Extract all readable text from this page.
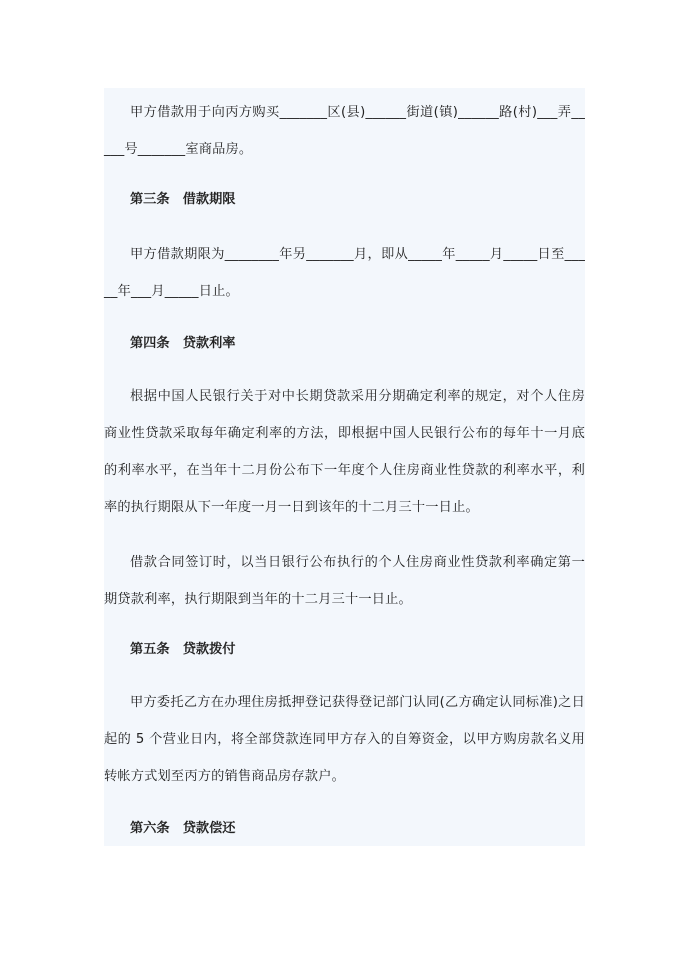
甲方借款用于向丙方购买_______区(县)______街道(镇)______路(村)___弄_____号_______室商品房。

第三条　借款期限

甲方借款期限为________年另_______月，即从_____年_____月_____日至_____年___月_____日止。

第四条　贷款利率

根据中国人民银行关于对中长期贷款采用分期确定利率的规定，对个人住房商业性贷款采取每年确定利率的方法，即根据中国人民银行公布的每年十一月底的利率水平，在当年十二月份公布下一年度个人住房商业性贷款的利率水平，利率的执行期限从下一年度一月一日到该年的十二月三十一日止。

借款合同签订时，以当日银行公布执行的个人住房商业性贷款利率确定第一期贷款利率，执行期限到当年的十二月三十一日止。

第五条　贷款拨付

甲方委托乙方在办理住房抵押登记获得登记部门认同(乙方确定认同标准)之日起的 5 个营业日内，将全部贷款连同甲方存入的自筹资金，以甲方购房款名义用转帐方式划至丙方的销售商品房存款户。

第六条　贷款偿还
